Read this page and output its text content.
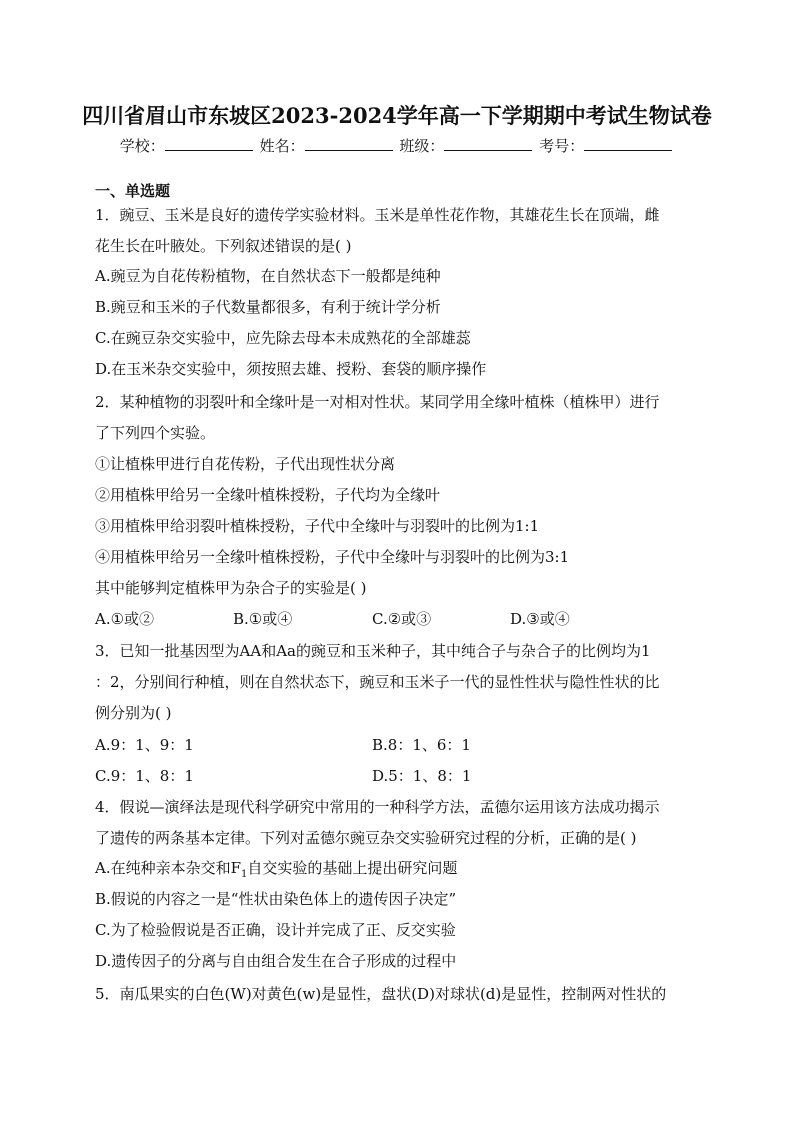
四川省眉山市东坡区2023-2024学年高一下学期期中考试生物试卷
学校：	姓名：	班级：	考号：
一、单选题
1．豌豆、玉米是良好的遗传学实验材料。玉米是单性花作物，其雄花生长在顶端，雌
花生长在叶腋处。下列叙述错误的是( )
A.豌豆为自花传粉植物，在自然状态下一般都是纯种
B.豌豆和玉米的子代数量都很多，有利于统计学分析
C.在豌豆杂交实验中，应先除去母本未成熟花的全部雄蕊
D.在玉米杂交实验中，须按照去雄、授粉、套袋的顺序操作
2．某种植物的羽裂叶和全缘叶是一对相对性状。某同学用全缘叶植株（植株甲）进行
了下列四个实验。
①让植株甲进行自花传粉，子代出现性状分离
②用植株甲给另一全缘叶植株授粉，子代均为全缘叶
③用植株甲给羽裂叶植株授粉，子代中全缘叶与羽裂叶的比例为1:1
④用植株甲给另一全缘叶植株授粉，子代中全缘叶与羽裂叶的比例为3:1
其中能够判定植株甲为杂合子的实验是( )
A.①或②	B.①或④	C.②或③	D.③或④
3．已知一批基因型为AA和Aa的豌豆和玉米种子，其中纯合子与杂合子的比例均为1
：2，分别间行种植，则在自然状态下，豌豆和玉米子一代的显性性状与隐性性状的比
例分别为( )
A.9：1、9：1	B.8：1、6：1
C.9：1、8：1	D.5：1、8：1
4．假说—演绎法是现代科学研究中常用的一种科学方法，孟德尔运用该方法成功揭示
了遗传的两条基本定律。下列对孟德尔豌豆杂交实验研究过程的分析，正确的是( )
A.在纯种亲本杂交和$F_1$自交实验的基础上提出研究问题
B.假说的内容之一是“性状由染色体上的遗传因子决定”
C.为了检验假说是否正确，设计并完成了正、反交实验
D.遗传因子的分离与自由组合发生在合子形成的过程中
5．南瓜果实的白色(W)对黄色(w)是显性，盘状(D)对球状(d)是显性，控制两对性状的
